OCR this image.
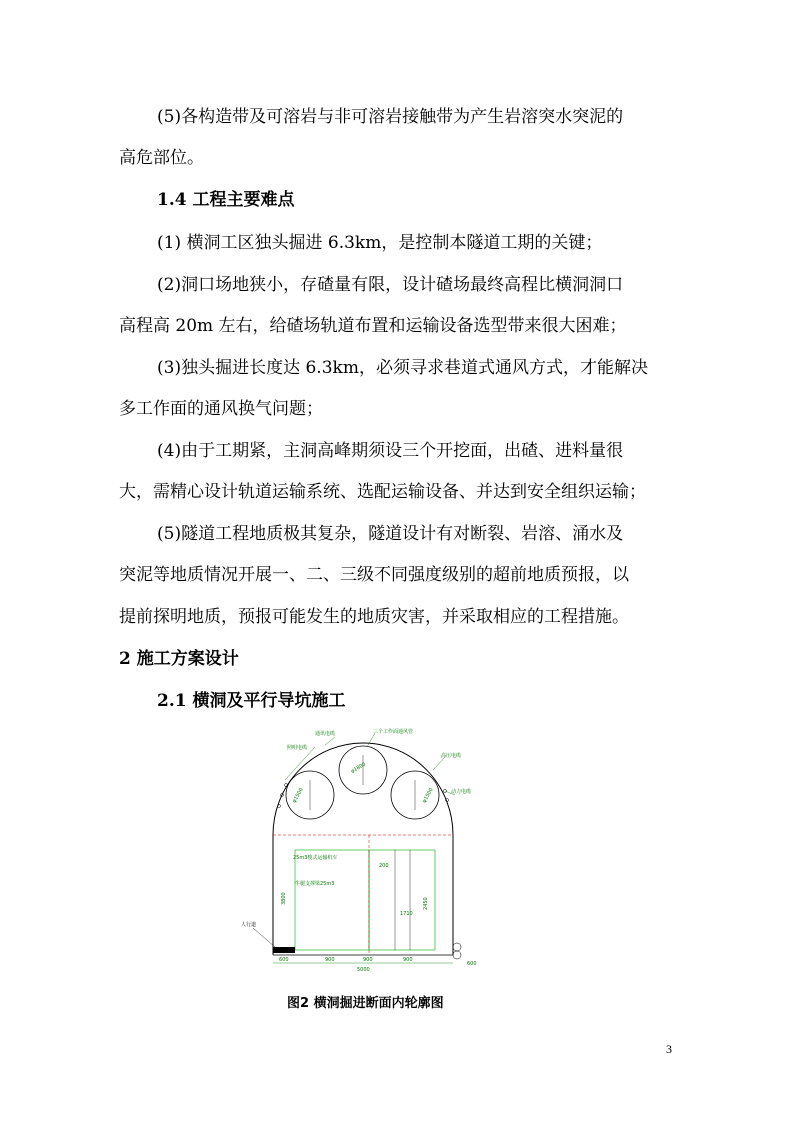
(5)各构造带及可溶岩与非可溶岩接触带为产生岩溶突水突泥的
高危部位。
1.4 工程主要难点
(1) 横洞工区独头掘进 6.3km，是控制本隧道工期的关键；
(2)洞口场地狭小，存碴量有限，设计碴场最终高程比横洞洞口
高程高 20m 左右，给碴场轨道布置和运输设备选型带来很大困难；
(3)独头掘进长度达 6.3km，必须寻求巷道式通风方式，才能解决
多工作面的通风换气问题；
(4)由于工期紧，主洞高峰期须设三个开挖面，出碴、进料量很
大，需精心设计轨道运输系统、选配运输设备、并达到安全组织运输；
(5)隧道工程地质极其复杂，隧道设计有对断裂、岩溶、涌水及
突泥等地质情况开展一、二、三级不同强度级别的超前地质预报，以
提前探明地质，预报可能发生的地质灾害，并采取相应的工程措施。
2 施工方案设计
2.1 横洞及平行导坑施工
φ1500
φ1800
φ1500
照明电缆
通讯电缆	三个工作面通风管
高压电缆
动力电缆
25m3梭式运输机车
牛腿支撑梁25m3
3800	2450
200
1710
人行道
600	900	900	900
5000
600
图2 横洞掘进断面内轮廓图
3
